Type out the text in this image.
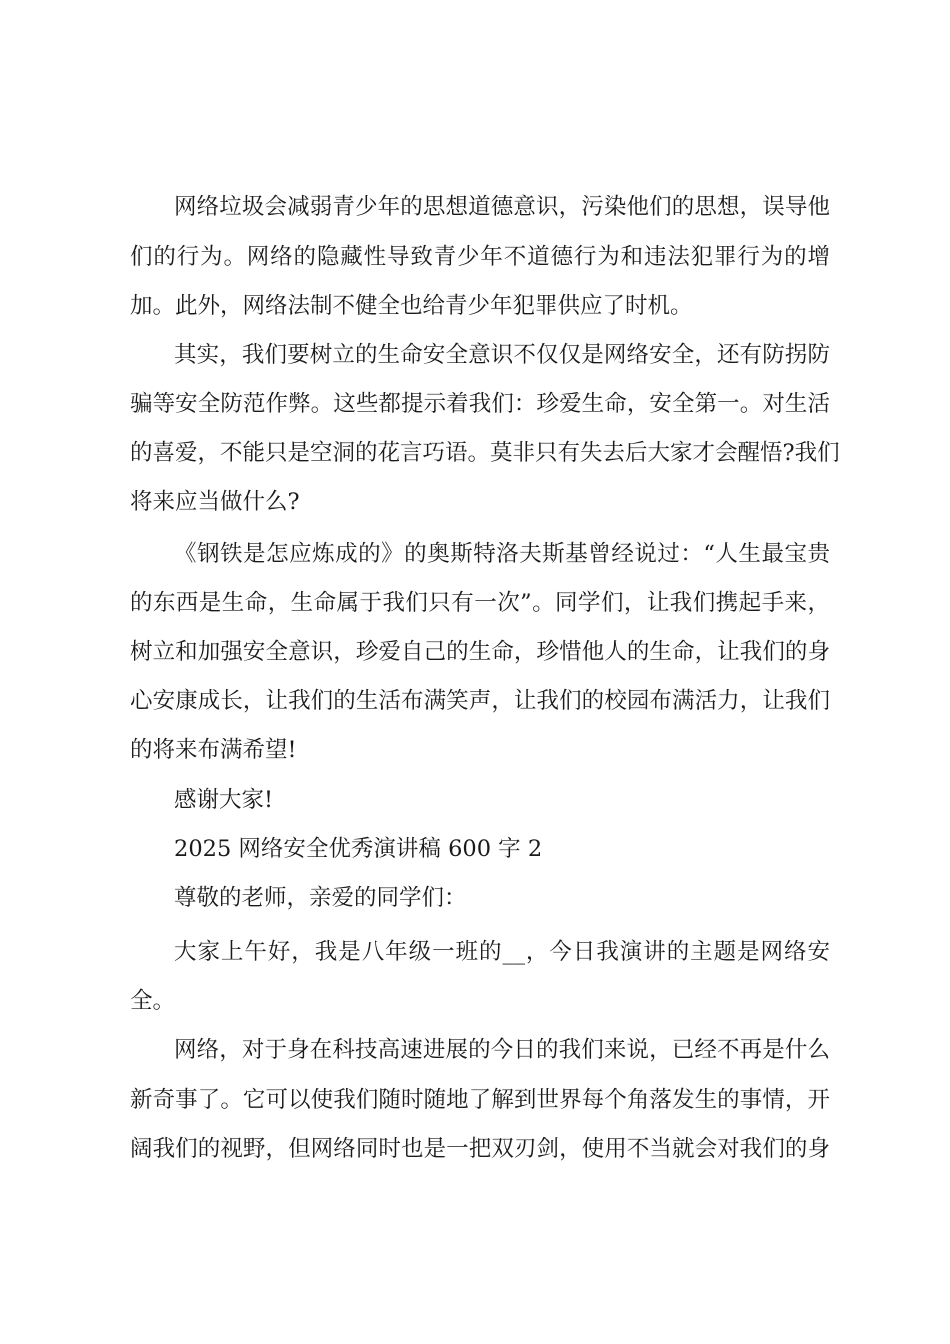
网络垃圾会减弱青少年的思想道德意识，污染他们的思想，误导他
们的行为。网络的隐藏性导致青少年不道德行为和违法犯罪行为的增
加。此外，网络法制不健全也给青少年犯罪供应了时机。
其实，我们要树立的生命安全意识不仅仅是网络安全，还有防拐防
骗等安全防范作弊。这些都提示着我们：珍爱生命，安全第一。对生活
的喜爱，不能只是空洞的花言巧语。莫非只有失去后大家才会醒悟?我们
将来应当做什么?
《钢铁是怎应炼成的》的奥斯特洛夫斯基曾经说过：“人生最宝贵
的东西是生命，生命属于我们只有一次”。同学们，让我们携起手来，
树立和加强安全意识，珍爱自己的生命，珍惜他人的生命，让我们的身
心安康成长，让我们的生活布满笑声，让我们的校园布满活力，让我们
的将来布满希望!
感谢大家!
2025 网络安全优秀演讲稿 600 字 2
尊敬的老师，亲爱的同学们：
大家上午好，我是八年级一班的__，今日我演讲的主题是网络安
全。
网络，对于身在科技高速进展的今日的我们来说，已经不再是什么
新奇事了。它可以使我们随时随地了解到世界每个角落发生的事情，开
阔我们的视野，但网络同时也是一把双刃剑，使用不当就会对我们的身
